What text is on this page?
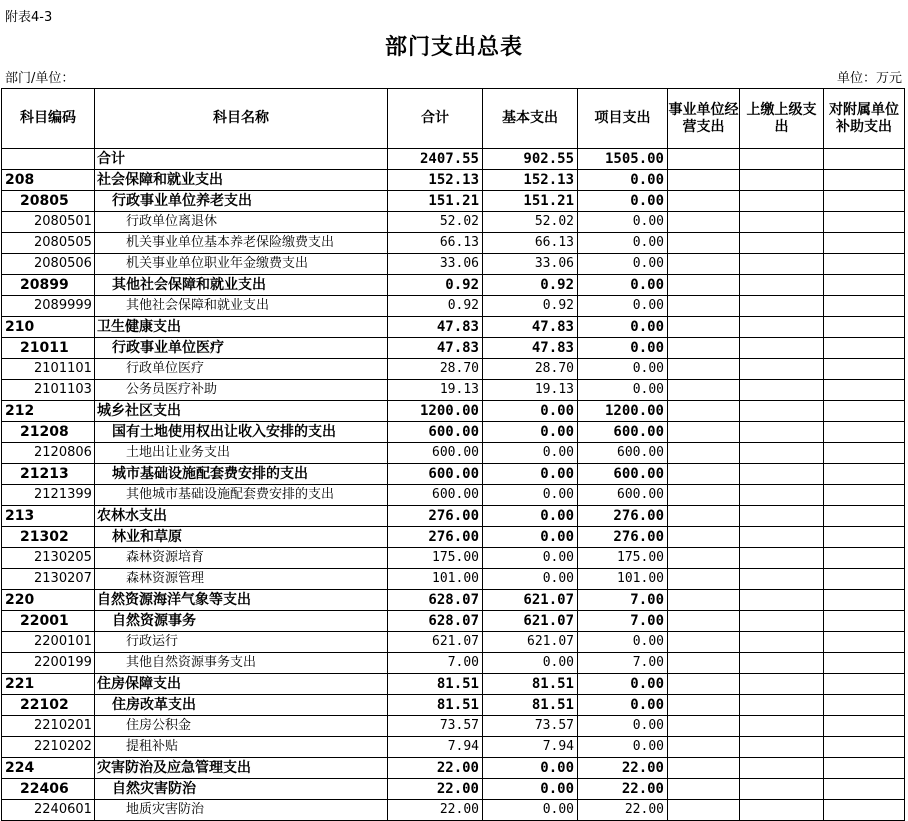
附表4-3
部门支出总表
部门/单位：	单位：万元
科目编码	科目名称	合计	基本支出	项目支出	事业单位经营支出	上缴上级支出	对附属单位补助支出
	合计	2407.55	902.55	1505.00			
208	社会保障和就业支出	152.13	152.13	0.00			
20805	行政事业单位养老支出	151.21	151.21	0.00			
2080501	行政单位离退休	52.02	52.02	0.00			
2080505	机关事业单位基本养老保险缴费支出	66.13	66.13	0.00			
2080506	机关事业单位职业年金缴费支出	33.06	33.06	0.00			
20899	其他社会保障和就业支出	0.92	0.92	0.00			
2089999	其他社会保障和就业支出	0.92	0.92	0.00			
210	卫生健康支出	47.83	47.83	0.00			
21011	行政事业单位医疗	47.83	47.83	0.00			
2101101	行政单位医疗	28.70	28.70	0.00			
2101103	公务员医疗补助	19.13	19.13	0.00			
212	城乡社区支出	1200.00	0.00	1200.00			
21208	国有土地使用权出让收入安排的支出	600.00	0.00	600.00			
2120806	土地出让业务支出	600.00	0.00	600.00			
21213	城市基础设施配套费安排的支出	600.00	0.00	600.00			
2121399	其他城市基础设施配套费安排的支出	600.00	0.00	600.00			
213	农林水支出	276.00	0.00	276.00			
21302	林业和草原	276.00	0.00	276.00			
2130205	森林资源培育	175.00	0.00	175.00			
2130207	森林资源管理	101.00	0.00	101.00			
220	自然资源海洋气象等支出	628.07	621.07	7.00			
22001	自然资源事务	628.07	621.07	7.00			
2200101	行政运行	621.07	621.07	0.00			
2200199	其他自然资源事务支出	7.00	0.00	7.00			
221	住房保障支出	81.51	81.51	0.00			
22102	住房改革支出	81.51	81.51	0.00			
2210201	住房公积金	73.57	73.57	0.00			
2210202	提租补贴	7.94	7.94	0.00			
224	灾害防治及应急管理支出	22.00	0.00	22.00			
22406	自然灾害防治	22.00	0.00	22.00			
2240601	地质灾害防治	22.00	0.00	22.00			
